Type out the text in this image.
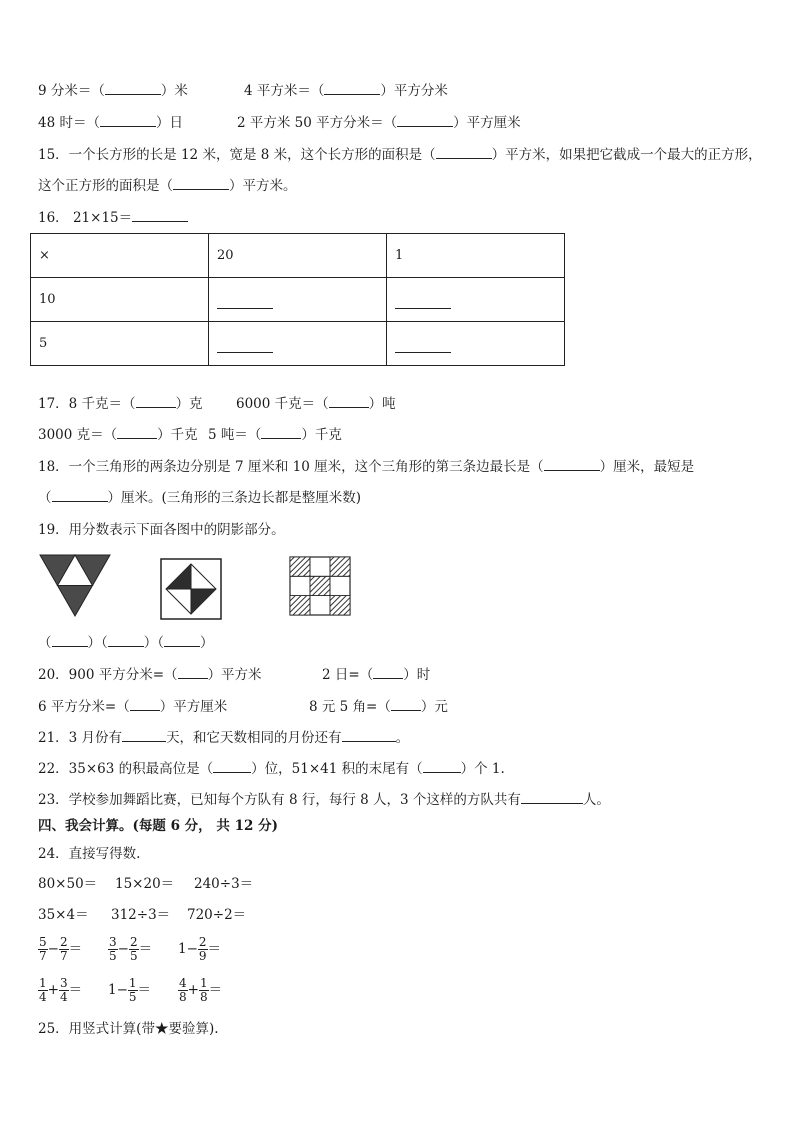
9 分米＝（	）米	4 平方米＝（	）平方分米
48 时＝（	）日	2 平方米 50 平方分米＝（	）平方厘米
15．一个长方形的长是 12 米，宽是 8 米，这个长方形的面积是（	）平方米，如果把它截成一个最大的正方形，
这个正方形的面积是（	）平方米。
16． 21×15＝
×	20	1
10		
5		
17．8 千克＝（	）克 6000 千克＝（	）吨
3000 克＝（	）千克 5 吨＝（	）千克
18．一个三角形的两条边分别是 7 厘米和 10 厘米，这个三角形的第三条边最长是（	）厘米，最短是
（	）厘米。(三角形的三条边长都是整厘米数)
19．用分数表示下面各图中的阴影部分。
（	）（	）（	）
20．900 平方分米=（ ）平方米	2 日=（ ）时
6 平方分米=（ ）平方厘米	8 元 5 角=（ ）元
21．3 月份有	天，和它天数相同的月份还有	。
22．35×63 的积最高位是（	）位，51×41 积的末尾有（	）个 1.
23．学校参加舞蹈比赛，已知每个方队有 8 行，每行 8 人，3 个这样的方队共有	人。
四、我会计算。(每题 6 分， 共 12 分)
24．直接写得数.
80×50＝ 15×20＝ 240÷3＝
35×4＝ 312÷3＝ 720÷2＝
$\frac{5}{7} - \frac{2}{7} = \frac{3}{5} - \frac{2}{5} = 1- \frac{2}{9}$ ＝
$\frac{1}{4} + \frac{3}{4} = 1- \frac{1}{5} = \frac{4}{8} + \frac{1}{8}$ ＝
25．用竖式计算(带★要验算).
